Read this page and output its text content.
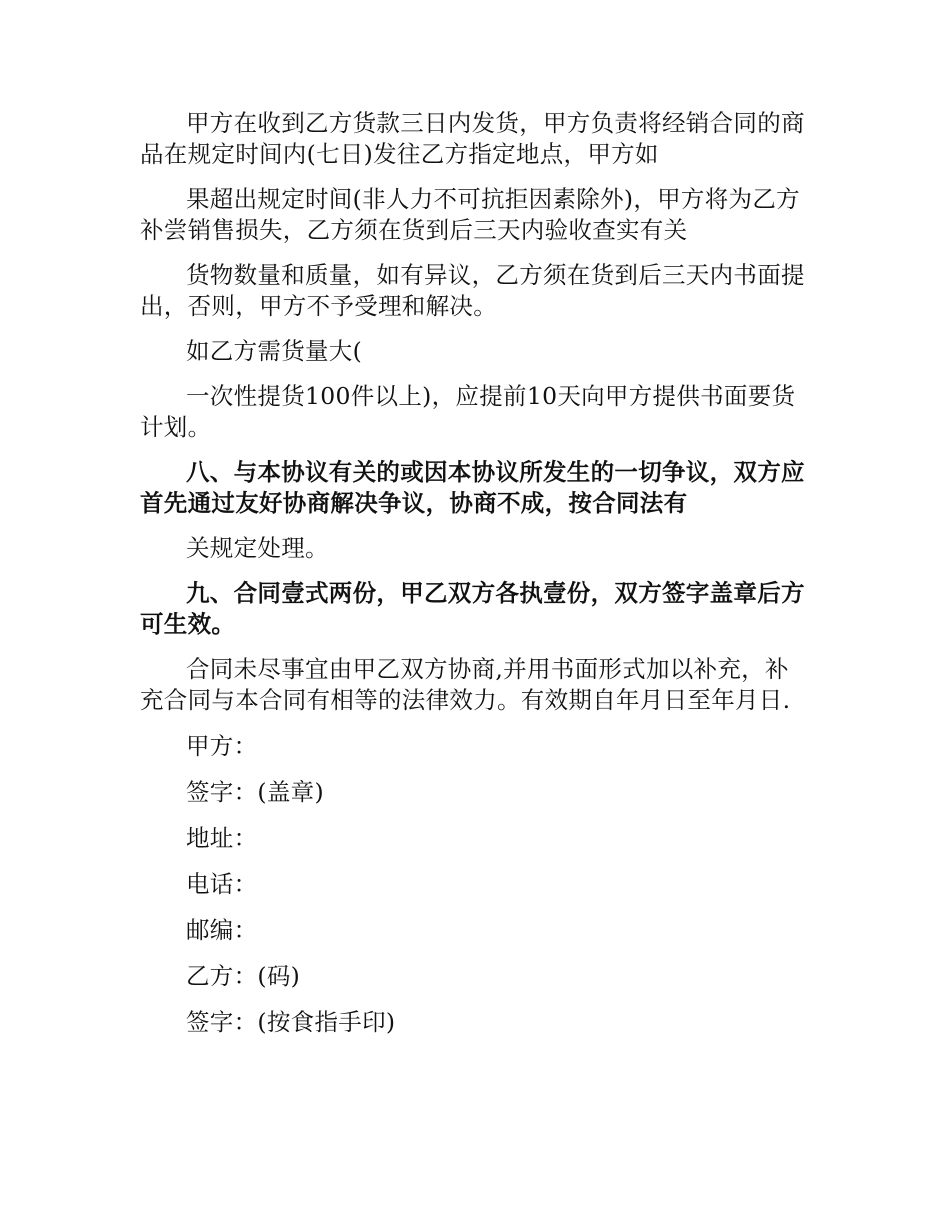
甲方在收到乙方货款三日内发货，甲方负责将经销合同的商品在规定时间内(七日)发往乙方指定地点，甲方如

果超出规定时间(非人力不可抗拒因素除外)，甲方将为乙方补尝销售损失，乙方须在货到后三天内验收查实有关

货物数量和质量，如有异议，乙方须在货到后三天内书面提出，否则，甲方不予受理和解决。

如乙方需货量大(

一次性提货100件以上)，应提前10天向甲方提供书面要货计划。

八、与本协议有关的或因本协议所发生的一切争议，双方应首先通过友好协商解决争议，协商不成，按合同法有

关规定处理。

九、合同壹式两份，甲乙双方各执壹份，双方签字盖章后方可生效。

合同未尽事宜由甲乙双方协商,并用书面形式加以补充，补充合同与本合同有相等的法律效力。有效期自年月日至年月日.

甲方：

签字：(盖章)

地址：

电话：

邮编：

乙方：(码)

签字：(按食指手印)
